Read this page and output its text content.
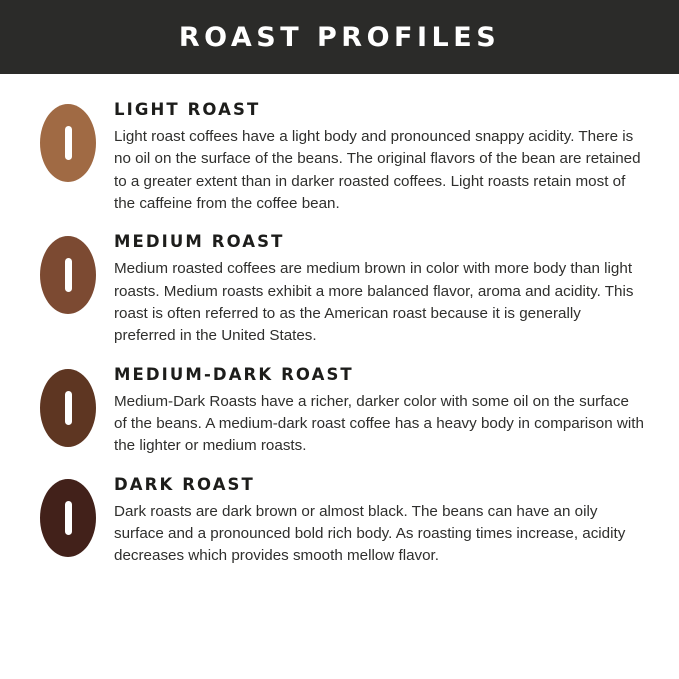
ROAST PROFILES

LIGHT ROAST

Light roast coffees have a light body and pronounced snappy acidity. There is no oil on the surface of the beans. The original flavors of the bean are retained to a greater extent than in darker roasted coffees. Light roasts retain most of the caffeine from the coffee bean.

MEDIUM ROAST

Medium roasted coffees are medium brown in color with more body than light roasts. Medium roasts exhibit a more balanced flavor, aroma and acidity. This roast is often referred to as the American roast because it is generally preferred in the United States.

MEDIUM-DARK ROAST

Medium-Dark Roasts have a richer, darker color with some oil on the surface of the beans. A medium-dark roast coffee has a heavy body in comparison with the lighter or medium roasts.

DARK ROAST

Dark roasts are dark brown or almost black. The beans can have an oily surface and a pronounced bold rich body. As roasting times increase, acidity decreases which provides smooth mellow flavor.
